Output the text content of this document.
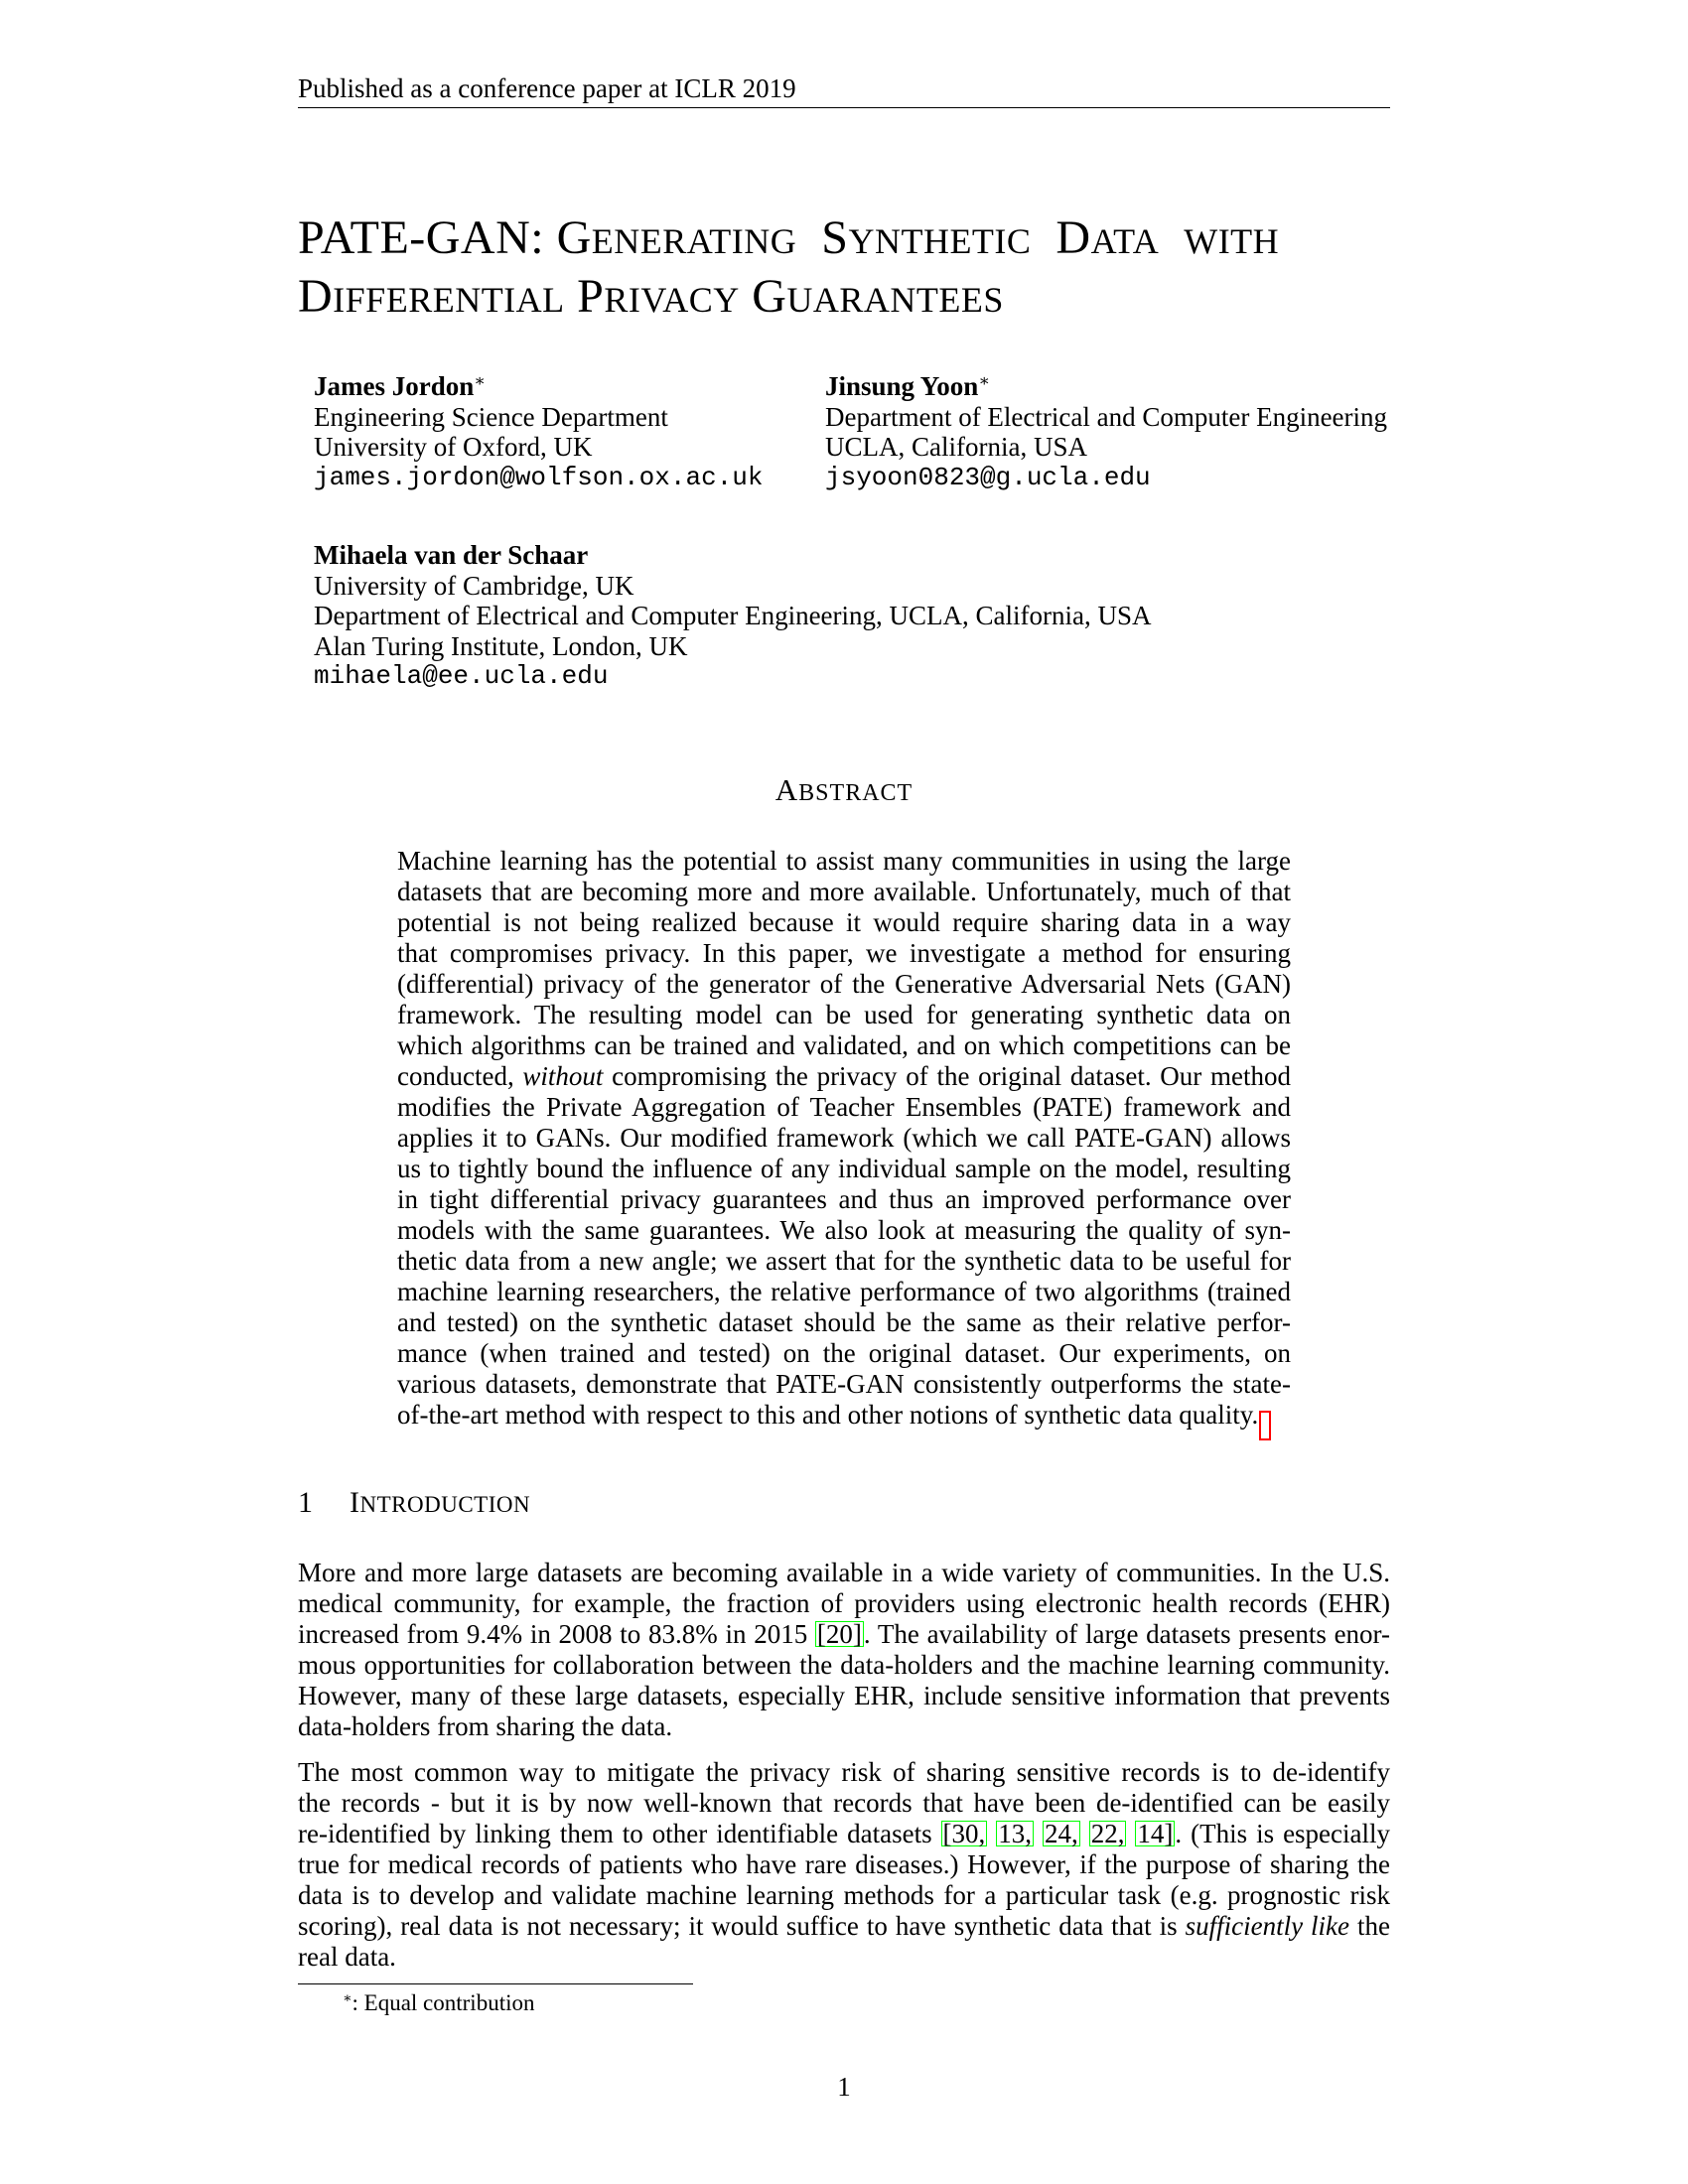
Published as a conference paper at ICLR 2019
PATE-GAN: GENERATING SYNTHETIC DATA WITH
DIFFERENTIAL PRIVACY GUARANTEES
James Jordon∗
Engineering Science Department
University of Oxford, UK
james.jordon@wolfson.ox.ac.uk
Jinsung Yoon∗
Department of Electrical and Computer Engineering
UCLA, California, USA
jsyoon0823@g.ucla.edu
Mihaela van der Schaar
University of Cambridge, UK
Department of Electrical and Computer Engineering, UCLA, California, USA
Alan Turing Institute, London, UK
mihaela@ee.ucla.edu
ABSTRACT
Machine learning has the potential to assist many communities in using the large
datasets that are becoming more and more available. Unfortunately, much of that
potential is not being realized because it would require sharing data in a way
that compromises privacy. In this paper, we investigate a method for ensuring
(differential) privacy of the generator of the Generative Adversarial Nets (GAN)
framework. The resulting model can be used for generating synthetic data on
which algorithms can be trained and validated, and on which competitions can be
conducted, without compromising the privacy of the original dataset. Our method
modifies the Private Aggregation of Teacher Ensembles (PATE) framework and
applies it to GANs. Our modified framework (which we call PATE-GAN) allows
us to tightly bound the influence of any individual sample on the model, resulting
in tight differential privacy guarantees and thus an improved performance over
models with the same guarantees. We also look at measuring the quality of syn-
thetic data from a new angle; we assert that for the synthetic data to be useful for
machine learning researchers, the relative performance of two algorithms (trained
and tested) on the synthetic dataset should be the same as their relative perfor-
mance (when trained and tested) on the original dataset. Our experiments, on
various datasets, demonstrate that PATE-GAN consistently outperforms the state-
of-the-art method with respect to this and other notions of synthetic data quality.
1 INTRODUCTION
More and more large datasets are becoming available in a wide variety of communities. In the U.S.
medical community, for example, the fraction of providers using electronic health records (EHR)
increased from 9.4% in 2008 to 83.8% in 2015 [20]. The availability of large datasets presents enor-
mous opportunities for collaboration between the data-holders and the machine learning community.
However, many of these large datasets, especially EHR, include sensitive information that prevents
data-holders from sharing the data.
The most common way to mitigate the privacy risk of sharing sensitive records is to de-identify
the records - but it is by now well-known that records that have been de-identified can be easily
re-identified by linking them to other identifiable datasets [30, 13, 24, 22, 14]. (This is especially
true for medical records of patients who have rare diseases.) However, if the purpose of sharing the
data is to develop and validate machine learning methods for a particular task (e.g. prognostic risk
scoring), real data is not necessary; it would suffice to have synthetic data that is sufficiently like the
real data.
∗: Equal contribution
1
